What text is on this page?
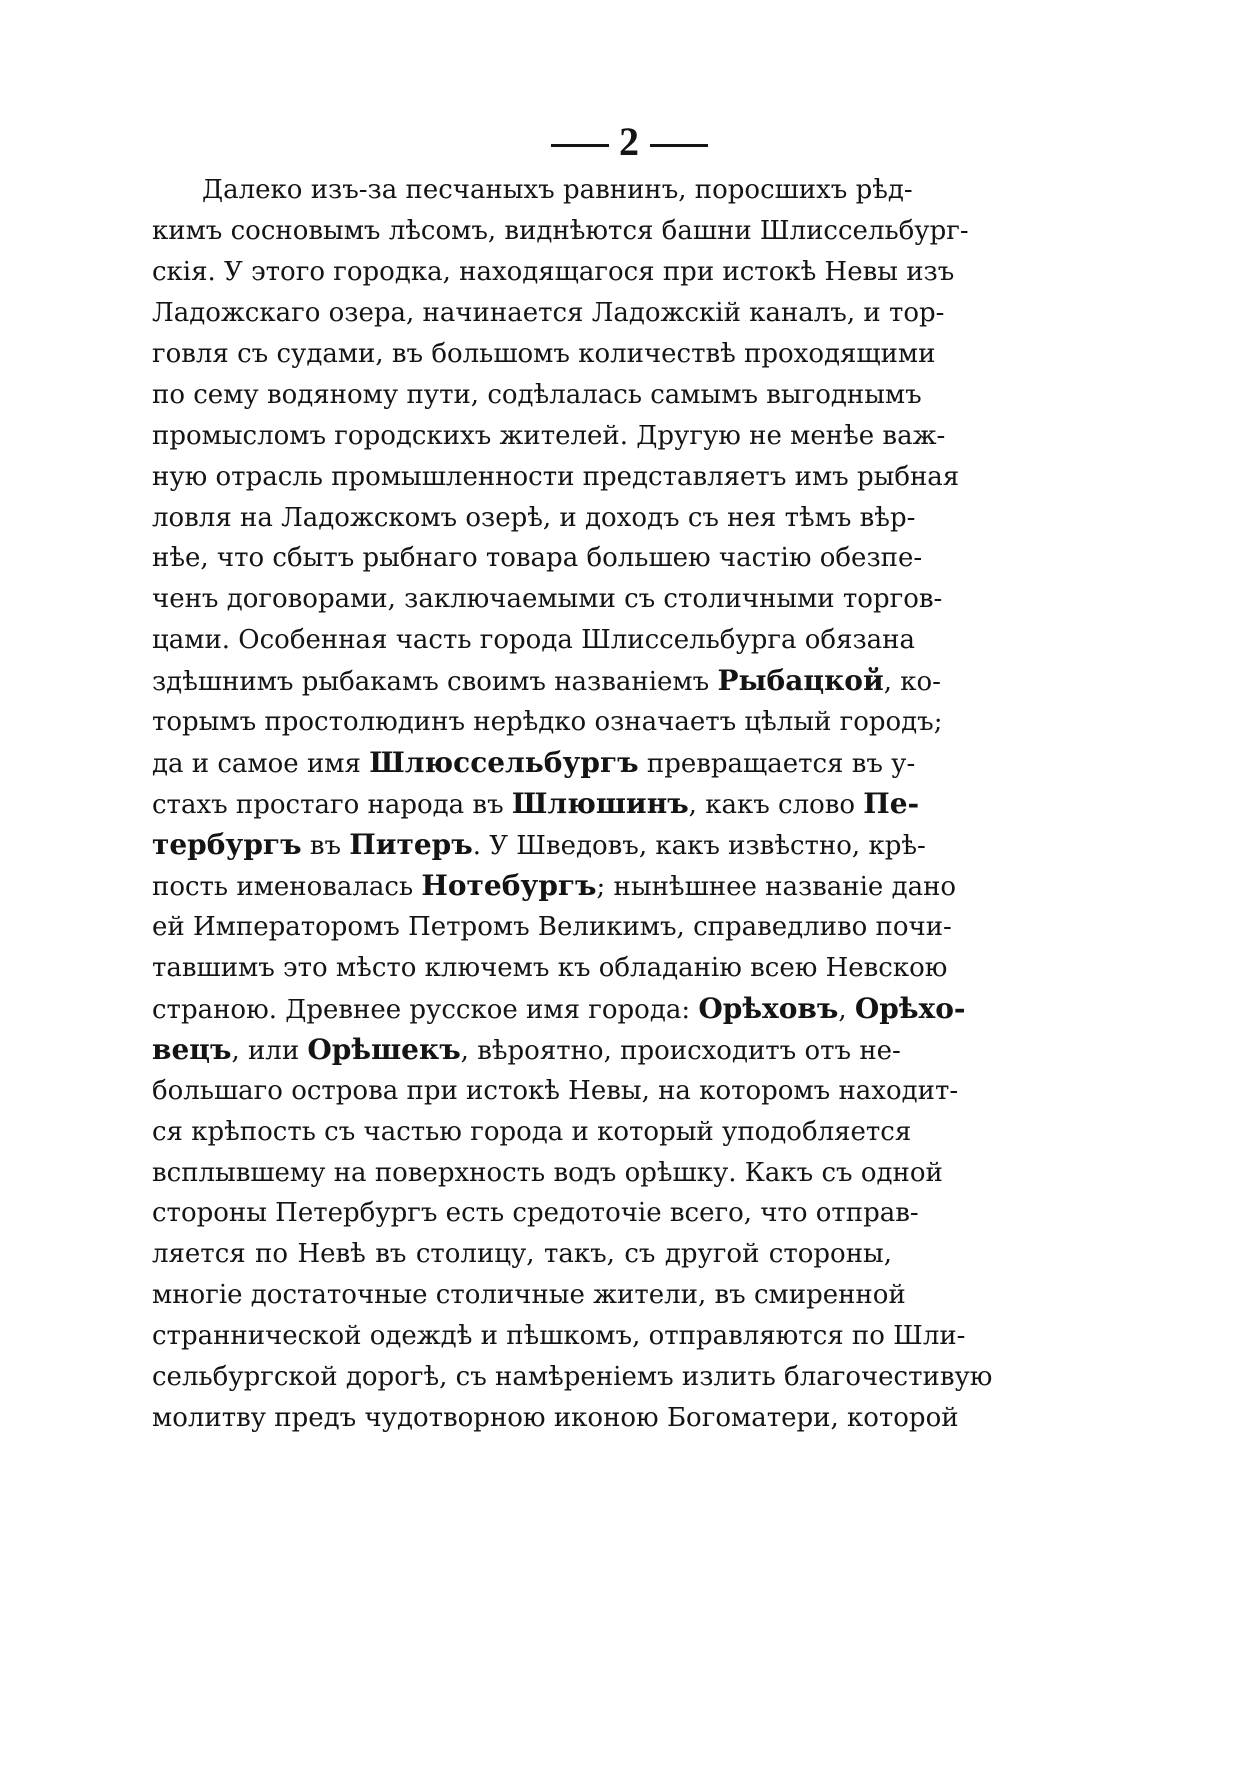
2
Далеко изъ-за песчаныхъ равнинъ, поросшихъ рѣд-
кимъ сосновымъ лѣсомъ, виднѣются башни Шлиссельбург-
скія. У этого городка, находящагося при истокѣ Невы изъ
Ладожскаго озера, начинается Ладожскій каналъ, и тор-
говля съ судами, въ большомъ количествѣ проходящими
по сему водяному пути, содѣлалась самымъ выгоднымъ
промысломъ городскихъ жителей. Другую не менѣе важ-
ную отрасль промышленности представляетъ имъ рыбная
ловля на Ладожскомъ озерѣ, и доходъ съ нея тѣмъ вѣр-
нѣе, что сбытъ рыбнаго товара большею частію обезпе-
ченъ договорами, заключаемыми съ столичными торгов-
цами. Особенная часть города Шлиссельбурга обязана
здѣшнимъ рыбакамъ своимъ названіемъ Рыбацкой, ко-
торымъ простолюдинъ нерѣдко означаетъ цѣлый городъ;
да и самое имя Шлюссельбургъ превращается въ у-
стахъ простаго народа въ Шлюшинъ, какъ слово Пе-
тербургъ въ Питеръ. У Шведовъ, какъ извѣстно, крѣ-
пость именовалась Нотебургъ; нынѣшнее названіе дано
ей Императоромъ Петромъ Великимъ, справедливо почи-
тавшимъ это мѣсто ключемъ къ обладанію всею Невскою
страною. Древнее русское имя города: Орѣховъ, Орѣхо-
вецъ, или Орѣшекъ, вѣроятно, происходитъ отъ не-
большаго острова при истокѣ Невы, на которомъ находит-
ся крѣпость съ частью города и который уподобляется
всплывшему на поверхность водъ орѣшку. Какъ съ одной
стороны Петербургъ есть средоточіе всего, что отправ-
ляется по Невѣ въ столицу, такъ, съ другой стороны,
многіе достаточные столичные жители, въ смиренной
страннической одеждѣ и пѣшкомъ, отправляются по Шли-
сельбургской дорогѣ, съ намѣреніемъ излить благочестивую
молитву предъ чудотворною иконою Богоматери, которой
